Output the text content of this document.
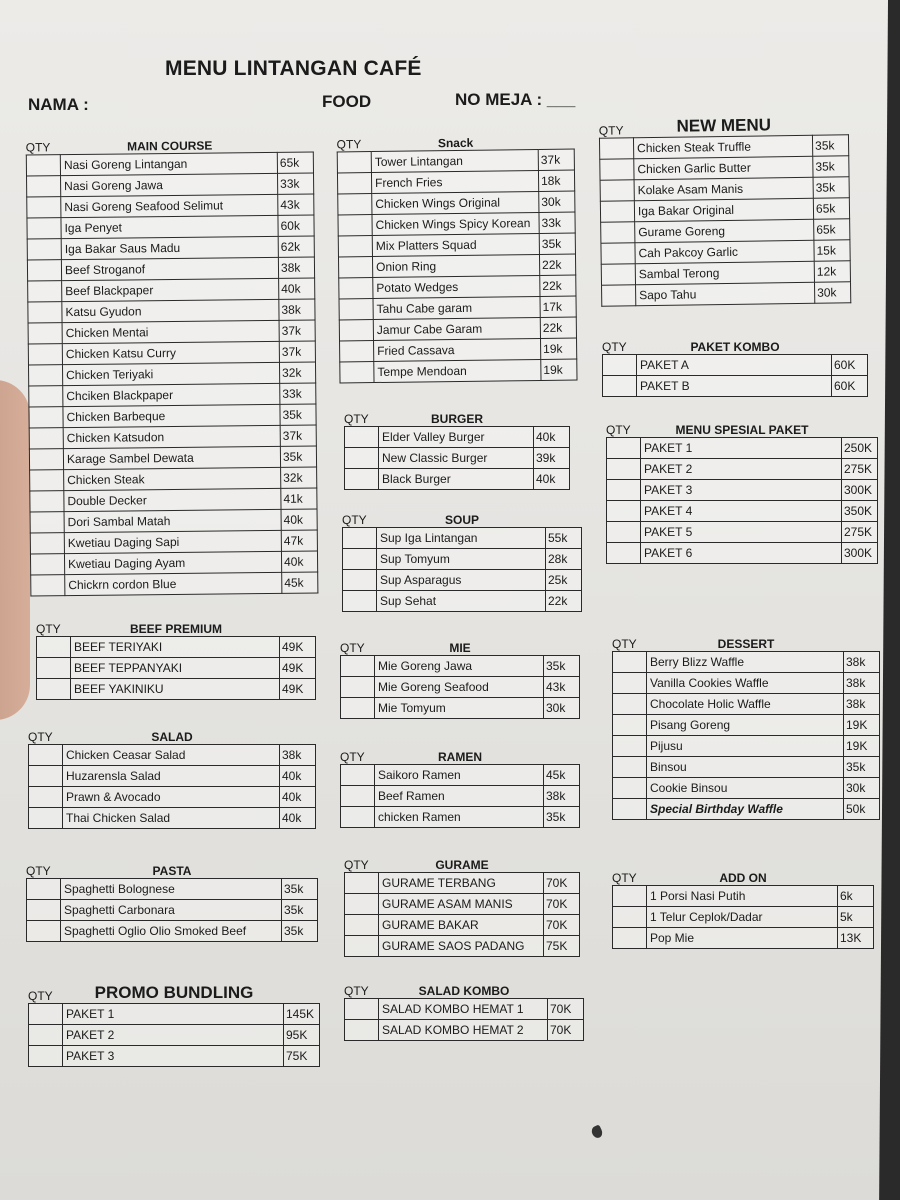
MENU LINTANGAN CAFÉ
NAMA :	FOOD	NO MEJA : ___
QTY	MAIN COURSE
	Nasi Goreng Lintangan	65k
	Nasi Goreng Jawa	33k
	Nasi Goreng Seafood Selimut	43k
	Iga Penyet	60k
	Iga Bakar Saus Madu	62k
	Beef Stroganof	38k
	Beef Blackpaper	40k
	Katsu Gyudon	38k
	Chicken Mentai	37k
	Chicken Katsu Curry	37k
	Chicken Teriyaki	32k
	Chciken Blackpaper	33k
	Chicken Barbeque	35k
	Chicken Katsudon	37k
	Karage Sambel Dewata	35k
	Chicken Steak	32k
	Double Decker	41k
	Dori Sambal Matah	40k
	Kwetiau Daging Sapi	47k
	Kwetiau Daging Ayam	40k
	Chickrn cordon Blue	45k
QTY	BEEF PREMIUM
	BEEF TERIYAKI	49K
	BEEF TEPPANYAKI	49K
	BEEF YAKINIKU	49K
QTY	SALAD
	Chicken Ceasar Salad	38k
	Huzarensla Salad	40k
	Prawn & Avocado	40k
	Thai Chicken Salad	40k
QTY	PASTA
	Spaghetti Bolognese	35k
	Spaghetti Carbonara	35k
	Spaghetti Oglio Olio Smoked Beef	35k
QTY	PROMO BUNDLING
	PAKET 1	145K
	PAKET 2	95K
	PAKET 3	75K
QTY	Snack
	Tower Lintangan	37k
	French Fries	18k
	Chicken Wings Original	30k
	Chicken Wings Spicy Korean	33k
	Mix Platters Squad	35k
	Onion Ring	22k
	Potato Wedges	22k
	Tahu Cabe garam	17k
	Jamur Cabe Garam	22k
	Fried Cassava	19k
	Tempe Mendoan	19k
QTY	BURGER
	Elder Valley Burger	40k
	New Classic Burger	39k
	Black Burger	40k
QTY	SOUP
	Sup Iga Lintangan	55k
	Sup Tomyum	28k
	Sup Asparagus	25k
	Sup Sehat	22k
QTY	MIE
	Mie Goreng Jawa	35k
	Mie Goreng Seafood	43k
	Mie Tomyum	30k
QTY	RAMEN
	Saikoro Ramen	45k
	Beef Ramen	38k
	chicken Ramen	35k
QTY	GURAME
	GURAME TERBANG	70K
	GURAME ASAM MANIS	70K
	GURAME BAKAR	70K
	GURAME SAOS PADANG	75K
QTY	SALAD KOMBO
	SALAD KOMBO HEMAT 1	70K
	SALAD KOMBO HEMAT 2	70K
QTY	NEW MENU
	Chicken Steak Truffle	35k
	Chicken Garlic Butter	35k
	Kolake Asam Manis	35k
	Iga Bakar Original	65k
	Gurame Goreng	65k
	Cah Pakcoy Garlic	15k
	Sambal Terong	12k
	Sapo Tahu	30k
QTY	PAKET KOMBO
	PAKET A	60K
	PAKET B	60K
QTY	MENU SPESIAL PAKET
	PAKET 1	250K
	PAKET 2	275K
	PAKET 3	300K
	PAKET 4	350K
	PAKET 5	275K
	PAKET 6	300K
QTY	DESSERT
	Berry Blizz Waffle	38k
	Vanilla Cookies Waffle	38k
	Chocolate Holic Waffle	38k
	Pisang Goreng	19K
	Pijusu	19K
	Binsou	35k
	Cookie Binsou	30k
	Special Birthday Waffle	50k
QTY	ADD ON
	1 Porsi Nasi Putih	6k
	1 Telur Ceplok/Dadar	5k
	Pop Mie	13K
